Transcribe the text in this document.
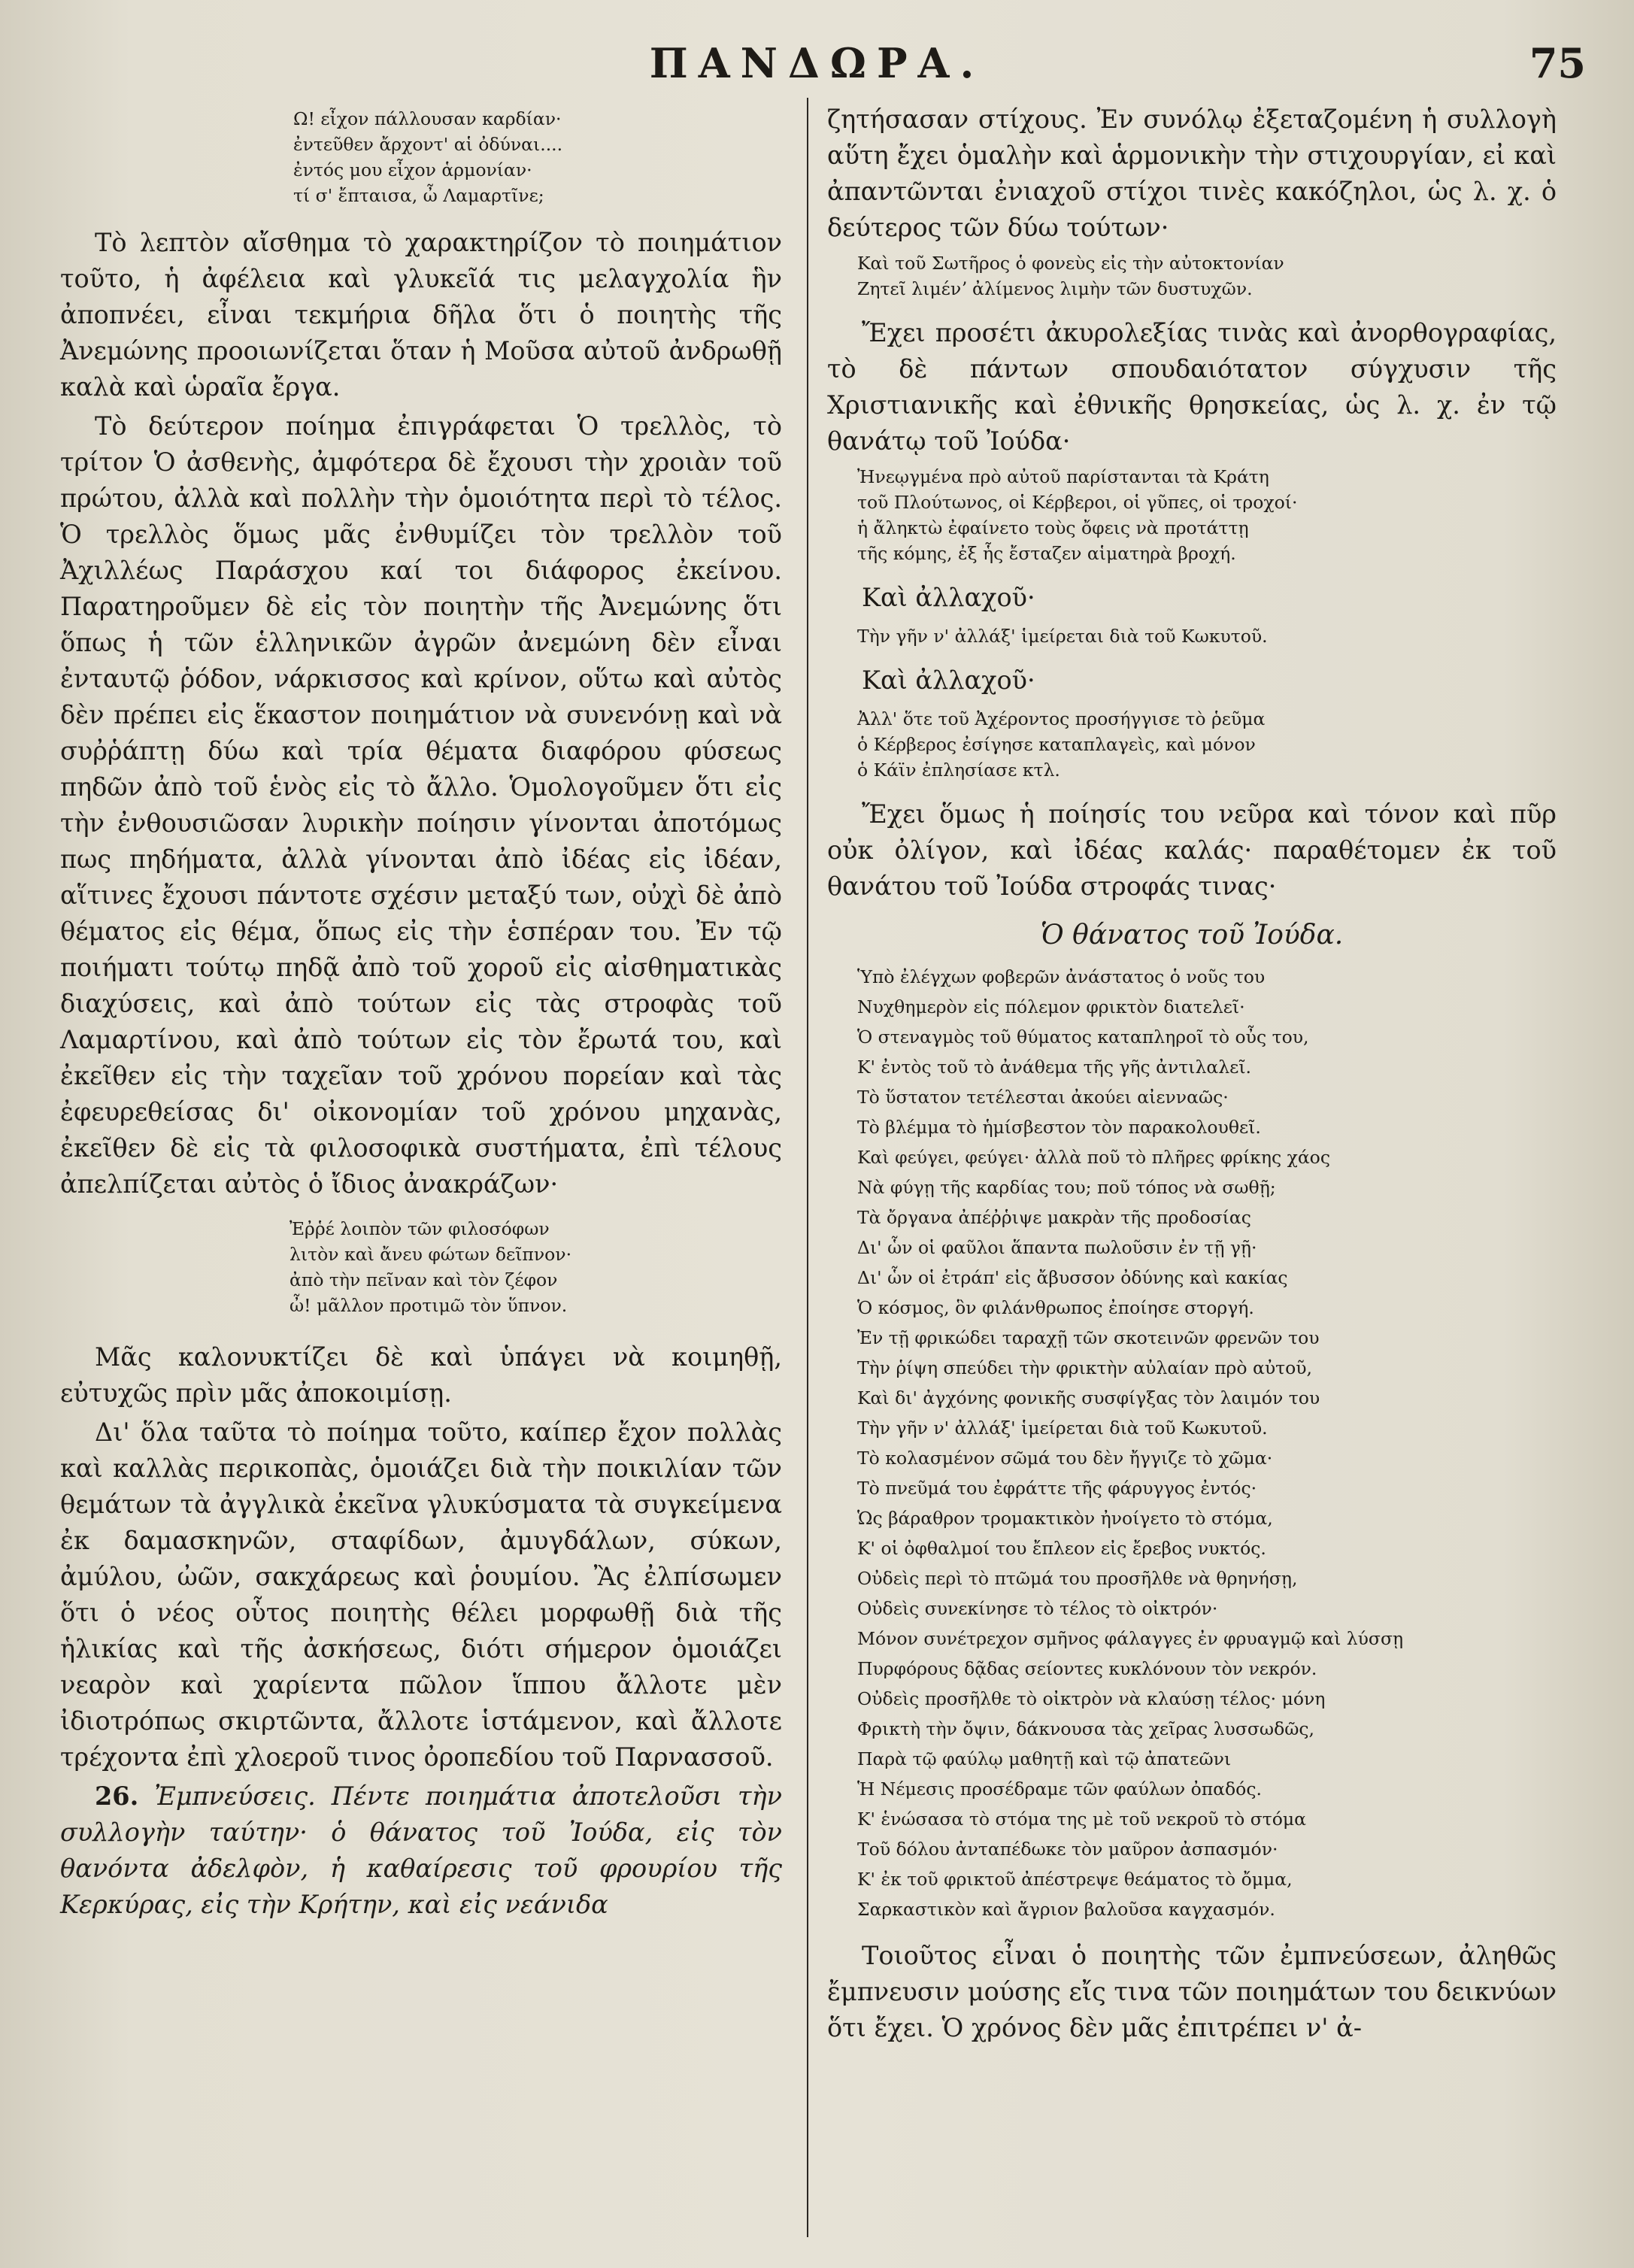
ΠΑΝΔΩΡΑ.	75
Ω! εἶχον πάλλουσαν καρδίαν·
ἐντεῦθεν ἄρχοντ' αἱ ὀδύναι....
ἐντός μου εἶχον ἁρμονίαν·
τί σ' ἔπταισα, ὦ Λαμαρτῖνε;

Τὸ λεπτὸν αἴσθημα τὸ χαρακτηρίζον τὸ ποιημάτιον τοῦτο, ἡ ἀφέλεια καὶ γλυκεῖά τις μελαγχολία ἣν ἀποπνέει, εἶναι τεκμήρια δῆλα ὅτι ὁ ποιητὴς τῆς Ἀνεμώνης προοιωνίζεται ὅταν ἡ Μοῦσα αὐτοῦ ἀνδρωθῇ καλὰ καὶ ὡραῖα ἔργα.

Τὸ δεύτερον ποίημα ἐπιγράφεται Ὁ τρελλὸς, τὸ τρίτον Ὁ ἀσθενὴς, ἀμφότερα δὲ ἔχουσι τὴν χροιὰν τοῦ πρώτου, ἀλλὰ καὶ πολλὴν τὴν ὁμοιότητα περὶ τὸ τέλος. Ὁ τρελλὸς ὅμως μᾶς ἐνθυμίζει τὸν τρελλὸν τοῦ Ἀχιλλέως Παράσχου καί τοι διάφορος ἐκείνου. Παρατηροῦμεν δὲ εἰς τὸν ποιητὴν τῆς Ἀνεμώνης ὅτι ὅπως ἡ τῶν ἑλληνικῶν ἀγρῶν ἀνεμώνη δὲν εἶναι ἐνταυτῷ ῥόδον, νάρκισσος καὶ κρίνον, οὕτω καὶ αὐτὸς δὲν πρέπει εἰς ἕκαστον ποιημάτιον νὰ συνενόνῃ καὶ νὰ συῤῥάπτῃ δύω καὶ τρία θέματα διαφόρου φύσεως πηδῶν ἀπὸ τοῦ ἑνὸς εἰς τὸ ἄλλο. Ὁμολογοῦμεν ὅτι εἰς τὴν ἐνθουσιῶσαν λυρικὴν ποίησιν γίνονται ἀποτόμως πως πηδήματα, ἀλλὰ γίνονται ἀπὸ ἰδέας εἰς ἰδέαν, αἵτινες ἔχουσι πάντοτε σχέσιν μεταξύ των, οὐχὶ δὲ ἀπὸ θέματος εἰς θέμα, ὅπως εἰς τὴν ἑσπέραν του. Ἐν τῷ ποιήματι τούτῳ πηδᾷ ἀπὸ τοῦ χοροῦ εἰς αἰσθηματικὰς διαχύσεις, καὶ ἀπὸ τούτων εἰς τὰς στροφὰς τοῦ Λαμαρτίνου, καὶ ἀπὸ τούτων εἰς τὸν ἔρωτά του, καὶ ἐκεῖθεν εἰς τὴν ταχεῖαν τοῦ χρόνου πορείαν καὶ τὰς ἐφευρεθείσας δι' οἰκονομίαν τοῦ χρόνου μηχανὰς, ἐκεῖθεν δὲ εἰς τὰ φιλοσοφικὰ συστήματα, ἐπὶ τέλους ἀπελπίζεται αὐτὸς ὁ ἴδιος ἀνακράζων·

Ἐῤῥέ λοιπὸν τῶν φιλοσόφων
λιτὸν καὶ ἄνευ φώτων δεῖπνον·
ἀπὸ τὴν πεῖναν καὶ τὸν ζέφον
ὦ! μᾶλλον προτιμῶ τὸν ὕπνον.

Μᾶς καλονυκτίζει δὲ καὶ ὑπάγει νὰ κοιμηθῇ, εὐτυχῶς πρὶν μᾶς ἀποκοιμίσῃ.

Δι' ὅλα ταῦτα τὸ ποίημα τοῦτο, καίπερ ἔχον πολλὰς καὶ καλλὰς περικοπὰς, ὁμοιάζει διὰ τὴν ποικιλίαν τῶν θεμάτων τὰ ἀγγλικὰ ἐκεῖνα γλυκύσματα τὰ συγκείμενα ἐκ δαμασκηνῶν, σταφίδων, ἀμυγδάλων, σύκων, ἀμύλου, ὠῶν, σακχάρεως καὶ ῥουμίου. Ἂς ἐλπίσωμεν ὅτι ὁ νέος οὗτος ποιητὴς θέλει μορφωθῇ διὰ τῆς ἡλικίας καὶ τῆς ἀσκήσεως, διότι σήμερον ὁμοιάζει νεαρὸν καὶ χαρίεντα πῶλον ἵππου ἄλλοτε μὲν ἰδιοτρόπως σκιρτῶντα, ἄλλοτε ἱστάμενον, καὶ ἄλλοτε τρέχοντα ἐπὶ χλοεροῦ τινος ὀροπεδίου τοῦ Παρνασσοῦ.

26. Ἐμπνεύσεις. Πέντε ποιημάτια ἀποτελοῦσι τὴν συλλογὴν ταύτην· ὁ θάνατος τοῦ Ἰούδα, εἰς τὸν θανόντα ἀδελφὸν, ἡ καθαίρεσις τοῦ φρουρίου τῆς Κερκύρας, εἰς τὴν Κρήτην, καὶ εἰς νεάνιδα

ζητήσασαν στίχους. Ἐν συνόλῳ ἐξεταζομένη ἡ συλλογὴ αὕτη ἔχει ὁμαλὴν καὶ ἁρμονικὴν τὴν στιχουργίαν, εἰ καὶ ἀπαντῶνται ἐνιαχοῦ στίχοι τινὲς κακόζηλοι, ὡς λ. χ. ὁ δεύτερος τῶν δύω τούτων·

Καὶ τοῦ Σωτῆρος ὁ φονεὺς εἰς τὴν αὐτοκτονίαν
Ζητεῖ λιμένʼ ἀλίμενος λιμὴν τῶν δυστυχῶν.

Ἔχει προσέτι ἀκυρολεξίας τινὰς καὶ ἀνορθογραφίας, τὸ δὲ πάντων σπουδαιότατον σύγχυσιν τῆς Χριστιανικῆς καὶ ἐθνικῆς θρησκείας, ὡς λ. χ. ἐν τῷ θανάτῳ τοῦ Ἰούδα·

Ἠνεῳγμένα πρὸ αὐτοῦ παρίστανται τὰ Κράτη
τοῦ Πλούτωνος, οἱ Κέρβεροι, οἱ γῦπες, οἱ τροχοί·
ἡ ἄληκτὼ ἐφαίνετο τοὺς ὄφεις νὰ προτάττῃ
τῆς κόμης, ἐξ ἧς ἔσταζεν αἱματηρὰ βροχή.

Καὶ ἀλλαχοῦ·

Τὴν γῆν ν' ἀλλάξ' ἱμείρεται διὰ τοῦ Κωκυτοῦ.

Καὶ ἀλλαχοῦ·

Ἀλλ' ὅτε τοῦ Ἀχέροντος προσήγγισε τὸ ῥεῦμα
ὁ Κέρβερος ἐσίγησε καταπλαγεὶς, καὶ μόνον
ὁ Κάϊν ἐπλησίασε κτλ.

Ἔχει ὅμως ἡ ποίησίς του νεῦρα καὶ τόνον καὶ πῦρ οὐκ ὀλίγον, καὶ ἰδέας καλάς· παραθέτομεν ἐκ τοῦ θανάτου τοῦ Ἰούδα στροφάς τινας·

Ὁ θάνατος τοῦ Ἰούδα.
Ὑπὸ ἐλέγχων φοβερῶν ἀνάστατος ὁ νοῦς του
Νυχθημερὸν εἰς πόλεμον φρικτὸν διατελεῖ·
Ὁ στεναγμὸς τοῦ θύματος καταπληροῖ τὸ οὖς του,
Κ' ἐντὸς τοῦ τὸ ἀνάθεμα τῆς γῆς ἀντιλαλεῖ.
Τὸ ὕστατον τετέλεσται ἀκούει αἰενναῶς·
Τὸ βλέμμα τὸ ἡμίσβεστον τὸν παρακολουθεῖ.
Καὶ φεύγει, φεύγει· ἀλλὰ ποῦ τὸ πλῆρες φρίκης χάος
Νὰ φύγῃ τῆς καρδίας του; ποῦ τόπος νὰ σωθῇ;
Τὰ ὄργανα ἀπέῤῥιψε μακρὰν τῆς προδοσίας
Δι' ὧν οἱ φαῦλοι ἅπαντα πωλοῦσιν ἐν τῇ γῇ·
Δι' ὧν οἱ ἐτράπ' εἰς ἄβυσσον ὀδύνης καὶ κακίας
Ὁ κόσμος, ὃν φιλάνθρωπος ἐποίησε στοργή.
Ἐν τῇ φρικώδει ταραχῇ τῶν σκοτεινῶν φρενῶν του
Τὴν ῥίψη σπεύδει τὴν φρικτὴν αὐλαίαν πρὸ αὐτοῦ,
Καὶ δι' ἀγχόνης φονικῆς συσφίγξας τὸν λαιμόν του
Τὴν γῆν ν' ἀλλάξ' ἱμείρεται διὰ τοῦ Κωκυτοῦ.
Τὸ κολασμένον σῶμά του δὲν ἤγγιζε τὸ χῶμα·
Τὸ πνεῦμά του ἐφράττε τῆς φάρυγγος ἐντός·
Ὡς βάραθρον τρομακτικὸν ἠνοίγετο τὸ στόμα,
Κ' οἱ ὀφθαλμοί του ἔπλεον εἰς ἔρεβος νυκτός.
Οὐδεὶς περὶ τὸ πτῶμά του προσῆλθε νὰ θρηνήσῃ,
Οὐδεὶς συνεκίνησε τὸ τέλος τὸ οἰκτρόν·
Μόνον συνέτρεχον σμῆνος φάλαγγες ἐν φρυαγμῷ καὶ λύσσῃ
Πυρφόρους δᾷδας σείοντες κυκλόνουν τὸν νεκρόν.
Οὐδεὶς προσῆλθε τὸ οἰκτρὸν νὰ κλαύσῃ τέλος· μόνη
Φρικτὴ τὴν ὄψιν, δάκνουσα τὰς χεῖρας λυσσωδῶς,
Παρὰ τῷ φαύλῳ μαθητῇ καὶ τῷ ἀπατεῶνι
Ἡ Νέμεσις προσέδραμε τῶν φαύλων ὀπαδός.
Κ' ἑνώσασα τὸ στόμα της μὲ τοῦ νεκροῦ τὸ στόμα
Τοῦ δόλου ἀνταπέδωκε τὸν μαῦρον ἀσπασμόν·
Κ' ἐκ τοῦ φρικτοῦ ἀπέστρεψε θεάματος τὸ ὄμμα,
Σαρκαστικὸν καὶ ἄγριον βαλοῦσα καγχασμόν.

Τοιοῦτος εἶναι ὁ ποιητὴς τῶν ἐμπνεύσεων, ἀληθῶς ἔμπνευσιν μούσης εἴς τινα τῶν ποιημάτων του δεικνύων ὅτι ἔχει. Ὁ χρόνος δὲν μᾶς ἐπιτρέπει ν' ἀ-
